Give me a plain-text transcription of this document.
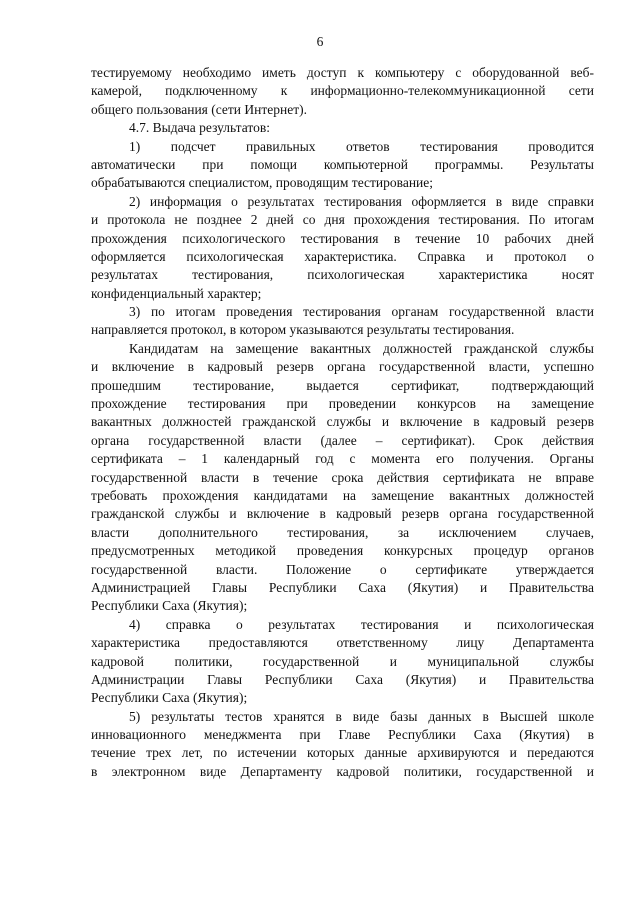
6
тестируемому необходимо иметь доступ к компьютеру с оборудованной веб-
камерой, подключенному к информационно-телекоммуникационной сети
общего пользования (сети Интернет).
4.7. Выдача результатов:
1) подсчет правильных ответов тестирования проводится
автоматически при помощи компьютерной программы. Результаты
обрабатываются специалистом, проводящим тестирование;
2) информация о результатах тестирования оформляется в виде справки
и протокола не позднее 2 дней со дня прохождения тестирования. По итогам
прохождения психологического тестирования в течение 10 рабочих дней
оформляется психологическая характеристика. Справка и протокол о
результатах тестирования, психологическая характеристика носят
конфиденциальный характер;
3) по итогам проведения тестирования органам государственной власти
направляется протокол, в котором указываются результаты тестирования.
Кандидатам на замещение вакантных должностей гражданской службы
и включение в кадровый резерв органа государственной власти, успешно
прошедшим тестирование, выдается сертификат, подтверждающий
прохождение тестирования при проведении конкурсов на замещение
вакантных должностей гражданской службы и включение в кадровый резерв
органа государственной власти (далее – сертификат). Срок действия
сертификата – 1 календарный год с момента его получения. Органы
государственной власти в течение срока действия сертификата не вправе
требовать прохождения кандидатами на замещение вакантных должностей
гражданской службы и включение в кадровый резерв органа государственной
власти дополнительного тестирования, за исключением случаев,
предусмотренных методикой проведения конкурсных процедур органов
государственной власти. Положение о сертификате утверждается
Администрацией Главы Республики Саха (Якутия) и Правительства
Республики Саха (Якутия);
4) справка о результатах тестирования и психологическая
характеристика предоставляются ответственному лицу Департамента
кадровой политики, государственной и муниципальной службы
Администрации Главы Республики Саха (Якутия) и Правительства
Республики Саха (Якутия);
5) результаты тестов хранятся в виде базы данных в Высшей школе
инновационного менеджмента при Главе Республики Саха (Якутия) в
течение трех лет, по истечении которых данные архивируются и передаются
в электронном виде Департаменту кадровой политики, государственной и
